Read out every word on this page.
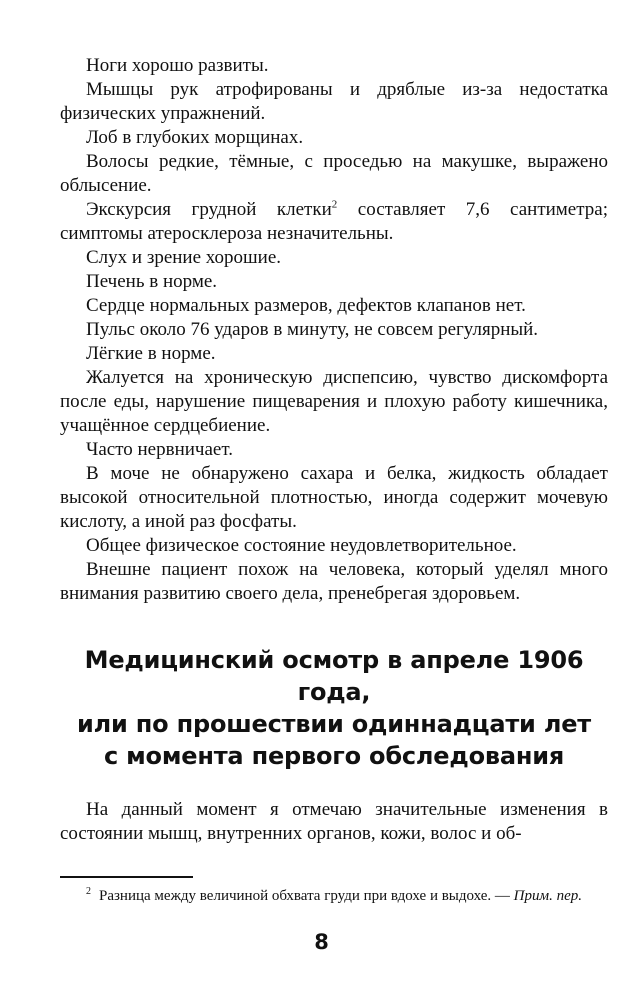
Ноги хорошо развиты.

Мышцы рук атрофированы и дряблые из-за недостатка физических упражнений.

Лоб в глубоких морщинах.

Волосы редкие, тёмные, с проседью на макушке, выражено облысение.

Экскурсия грудной клетки$^2$ составляет 7,6 сантиметра; симптомы атеросклероза незначительны.

Слух и зрение хорошие.

Печень в норме.

Сердце нормальных размеров, дефектов клапанов нет.

Пульс около 76 ударов в минуту, не совсем регулярный.

Лёгкие в норме.

Жалуется на хроническую диспепсию, чувство дискомфорта после еды, нарушение пищеварения и плохую работу кишечника, учащённое сердцебиение.

Часто нервничает.

В моче не обнаружено сахара и белка, жидкость обладает высокой относительной плотностью, иногда содержит мочевую кислоту, а иной раз фосфаты.

Общее физическое состояние неудовлетворительное.

Внешне пациент похож на человека, который уделял много внимания развитию своего дела, пренебрегая здоровьем.

Медицинский осмотр в апреле 1906 года,
или по прошествии одиннадцати лет
с момента первого обследования

На данный момент я отмечаю значительные изменения в состоянии мышц, внутренних органов, кожи, волос и об-

$^2$ Разница между величиной обхвата груди при вдохе и выдохе. — Прим. пер.

8
